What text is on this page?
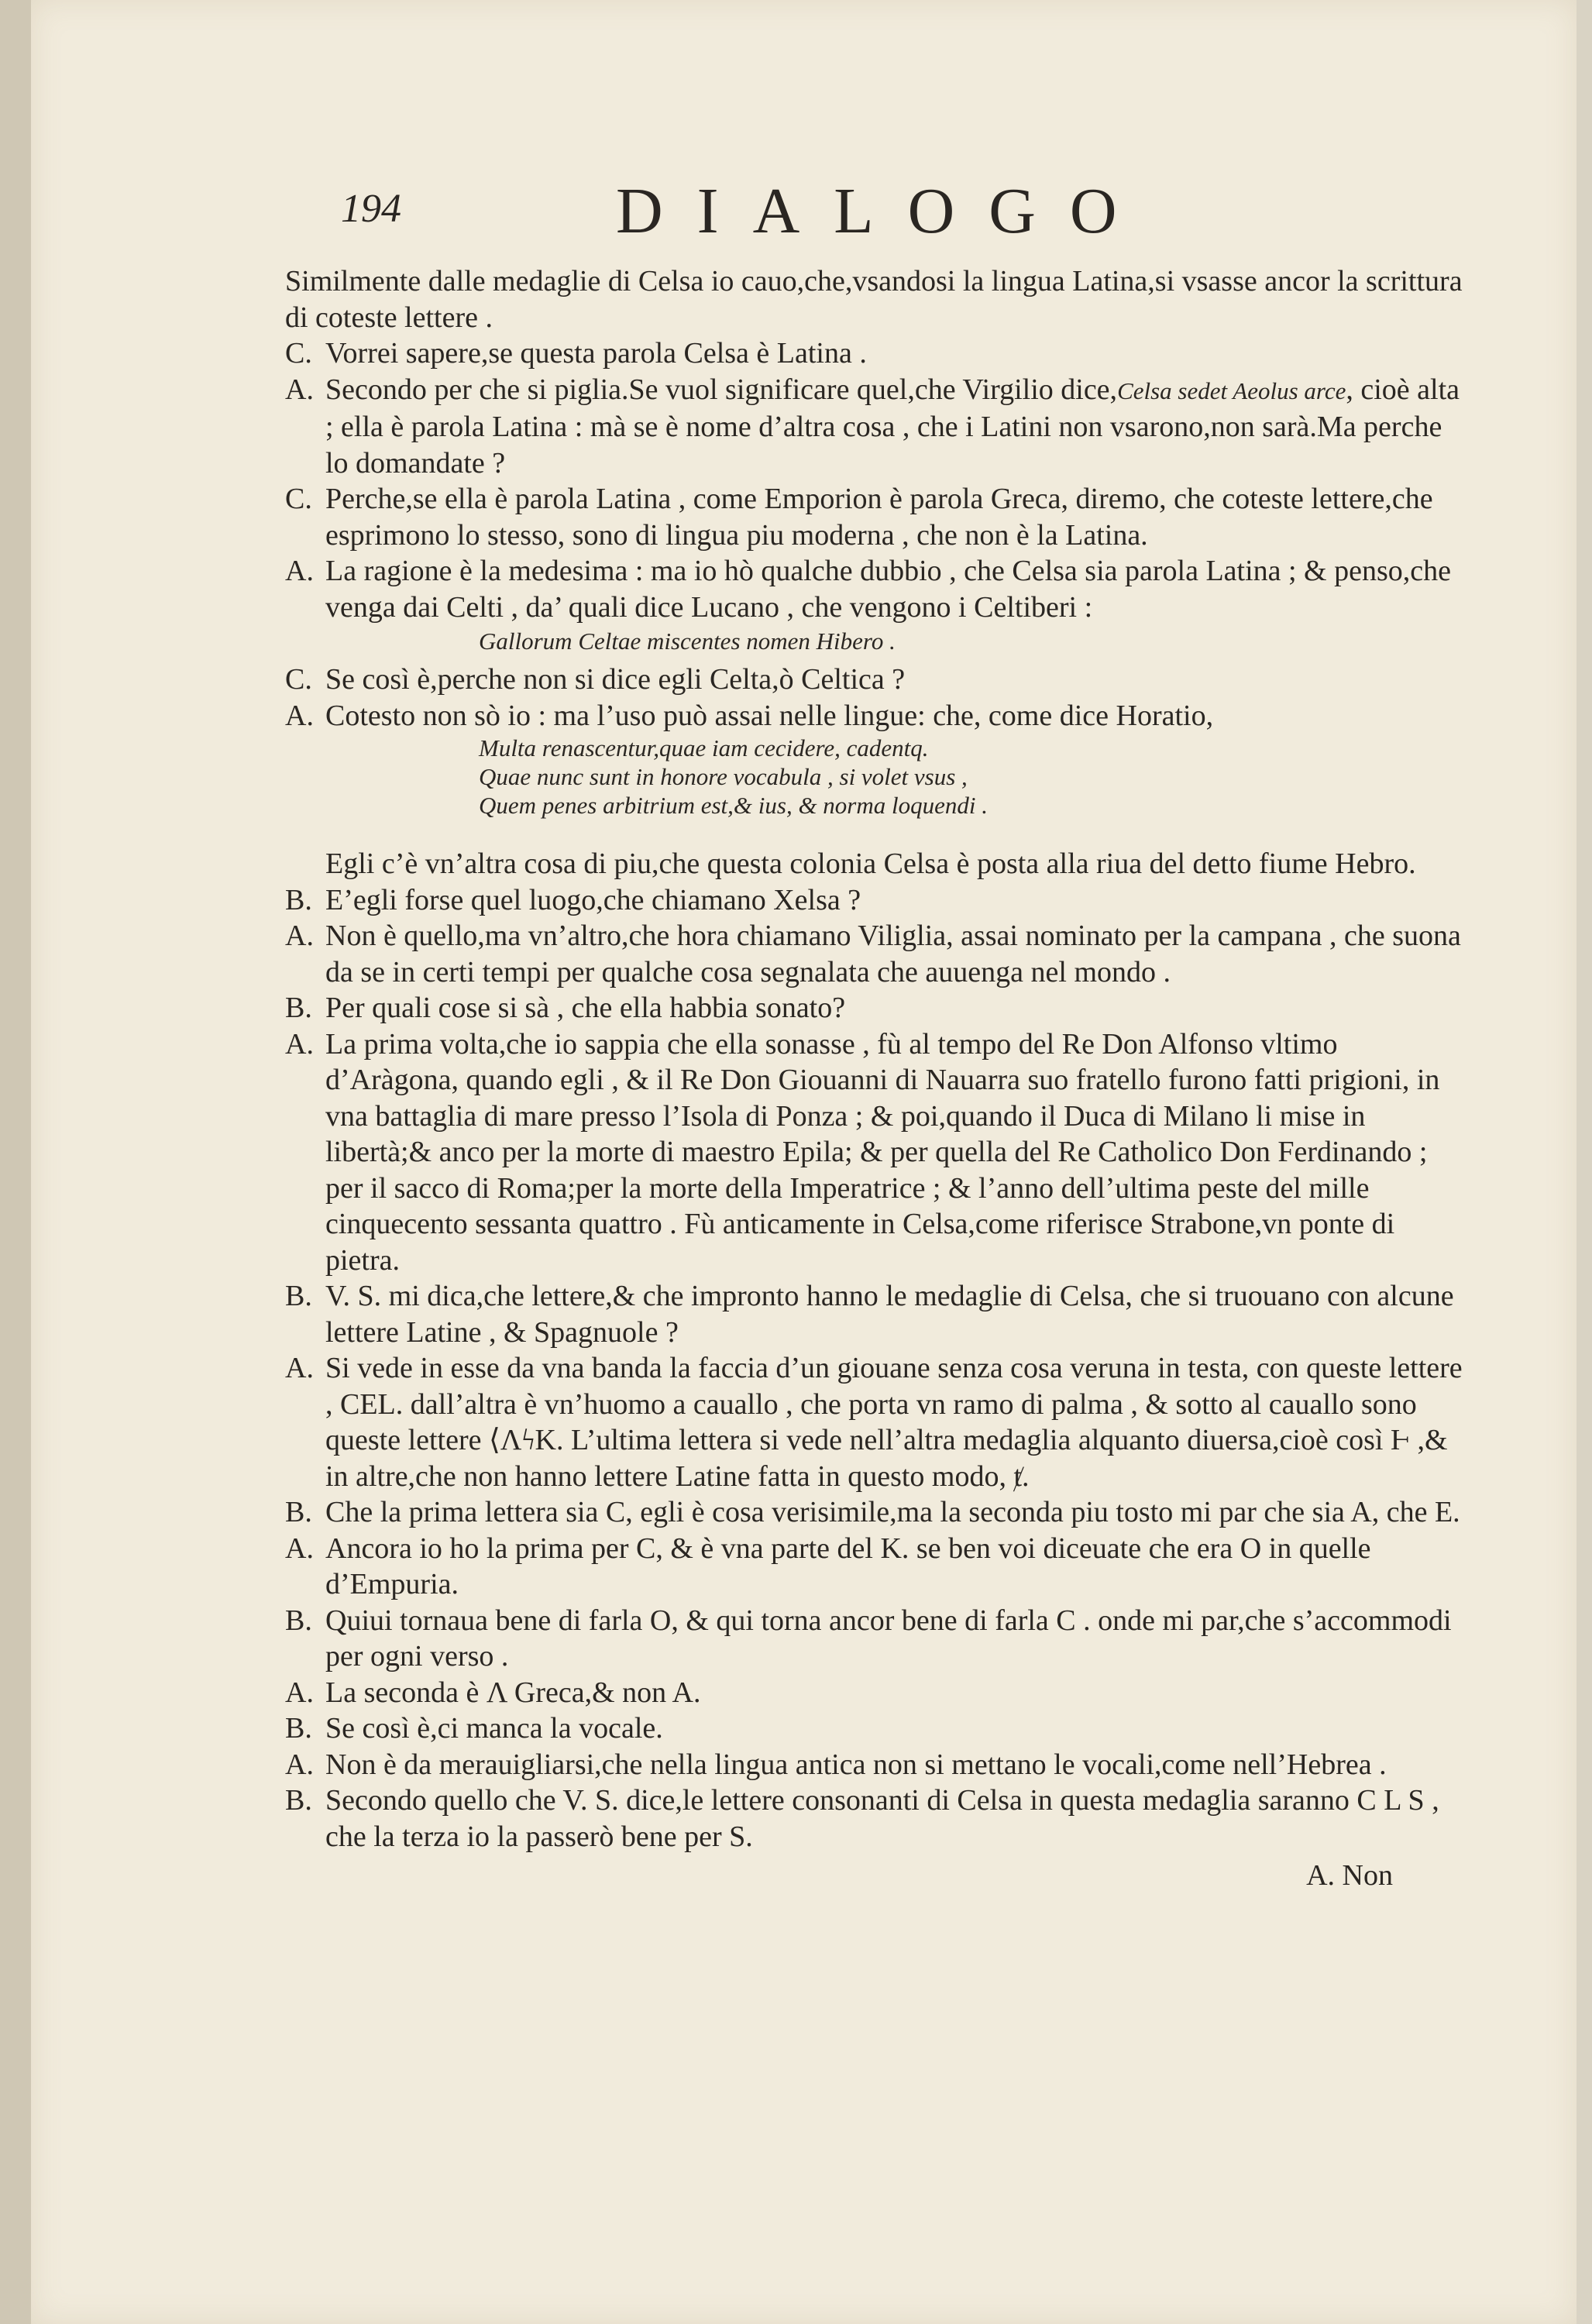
194	DIALOGO
Similmente dalle medaglie di Celsa io cauo,che,vsandosi la lingua Latina,si vsasse ancor la scrittura di coteste lettere .
C. Vorrei sapere,se questa parola Celsa è Latina .
A. Secondo per che si piglia.Se vuol significare quel,che Virgilio dice,Celsa sedet Aeolus arce, cioè alta ; ella è parola Latina : mà se è nome d’altra cosa , che i Latini non vsarono,non sarà.Ma perche lo domandate ?
C. Perche,se ella è parola Latina , come Emporion è parola Greca, diremo, che coteste lettere,che esprimono lo stesso, sono di lingua piu moderna , che non è la Latina.
A. La ragione è la medesima : ma io hò qualche dubbio , che Celsa sia parola Latina ; & penso,che venga dai Celti , da’ quali dice Lucano , che vengono i Celtiberi :
Gallorum Celtae miscentes nomen Hibero .
C. Se così è,perche non si dice egli Celta,ò Celtica ?
A. Cotesto non sò io : ma l’uso può assai nelle lingue: che, come dice Horatio,
Multa renascentur,quae iam cecidere, cadentq.
Quae nunc sunt in honore vocabula , si volet vsus ,
Quem penes arbitrium est,& ius, & norma loquendi .
Egli c’è vn’altra cosa di piu,che questa colonia Celsa è posta alla riua del detto fiume Hebro.
B. E’egli forse quel luogo,che chiamano Xelsa ?
A. Non è quello,ma vn’altro,che hora chiamano Viliglia, assai nominato per la campana , che suona da se in certi tempi per qualche cosa segnalata che auuenga nel mondo .
B. Per quali cose si sà , che ella habbia sonato?
A. La prima volta,che io sappia che ella sonasse , fù al tempo del Re Don Alfonso vltimo d’Aràgona, quando egli , & il Re Don Giouanni di Nauarra suo fratello furono fatti prigioni, in vna battaglia di mare presso l’Isola di Ponza ; & poi,quando il Duca di Milano li mise in libertà;& anco per la morte di maestro Epila; & per quella del Re Catholico Don Ferdinando ; per il sacco di Roma;per la morte della Imperatrice ; & l’anno dell’ultima peste del mille cinquecento sessanta quattro . Fù anticamente in Celsa,come riferisce Strabone,vn ponte di pietra.
B. V. S. mi dica,che lettere,& che impronto hanno le medaglie di Celsa, che si truouano con alcune lettere Latine , & Spagnuole ?
A. Si vede in esse da vna banda la faccia d’un giouane senza cosa veruna in testa, con queste lettere , CEL. dall’altra è vn’huomo a cauallo , che porta vn ramo di palma , & sotto al cauallo sono queste lettere ⟨ΛϟK. L’ultima lettera si vede nell’altra medaglia alquanto diuersa,cioè così Ⱶ ,& in altre,che non hanno lettere Latine fatta in questo modo, ⱦ.
B. Che la prima lettera sia C, egli è cosa verisimile,ma la seconda piu tosto mi par che sia A, che E.
A. Ancora io ho la prima per C, & è vna parte del K. se ben voi diceuate che era O in quelle d’Empuria.
B. Quiui tornaua bene di farla O, & qui torna ancor bene di farla C . onde mi par,che s’accommodi per ogni verso .
A. La seconda è Λ Greca,& non A.
B. Se così è,ci manca la vocale.
A. Non è da merauigliarsi,che nella lingua antica non si mettano le vocali,come nell’Hebrea .
B. Secondo quello che V. S. dice,le lettere consonanti di Celsa in questa medaglia saranno C L S , che la terza io la passerò bene per S.
A. Non
